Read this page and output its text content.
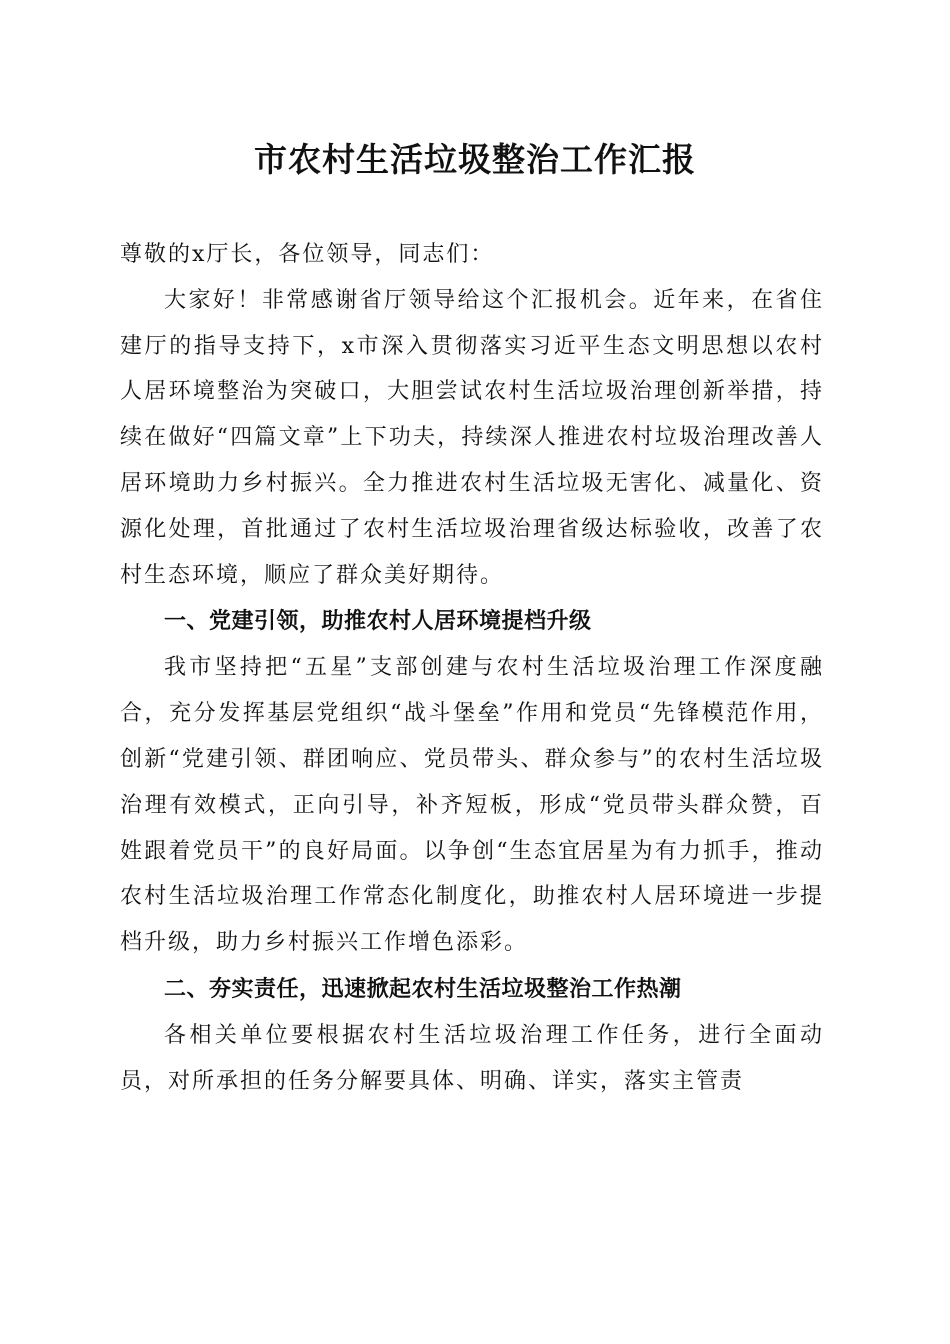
市农村生活垃圾整治工作汇报

尊敬的x厅长，各位领导，同志们：

大家好！非常感谢省厅领导给这个汇报机会。近年来，在省住建厅的指导支持下，x市深入贯彻落实习近平生态文明思想以农村人居环境整治为突破口，大胆尝试农村生活垃圾治理创新举措，持续在做好“四篇文章”上下功夫，持续深人推进农村垃圾治理改善人居环境助力乡村振兴。全力推进农村生活垃圾无害化、减量化、资源化处理，首批通过了农村生活垃圾治理省级达标验收，改善了农村生态环境，顺应了群众美好期待。

一、党建引领，助推农村人居环境提档升级

我市坚持把“五星”支部创建与农村生活垃圾治理工作深度融合，充分发挥基层党组织“战斗堡垒”作用和党员“先锋模范作用，创新“党建引领、群团响应、党员带头、群众参与”的农村生活垃圾治理有效模式，正向引导，补齐短板，形成“党员带头群众赞，百姓跟着党员干”的良好局面。以争创“生态宜居星为有力抓手，推动农村生活垃圾治理工作常态化制度化，助推农村人居环境进一步提档升级，助力乡村振兴工作增色添彩。

二、夯实责任，迅速掀起农村生活垃圾整治工作热潮

各相关单位要根据农村生活垃圾治理工作任务，进行全面动员，对所承担的任务分解要具体、明确、详实，落实主管责
